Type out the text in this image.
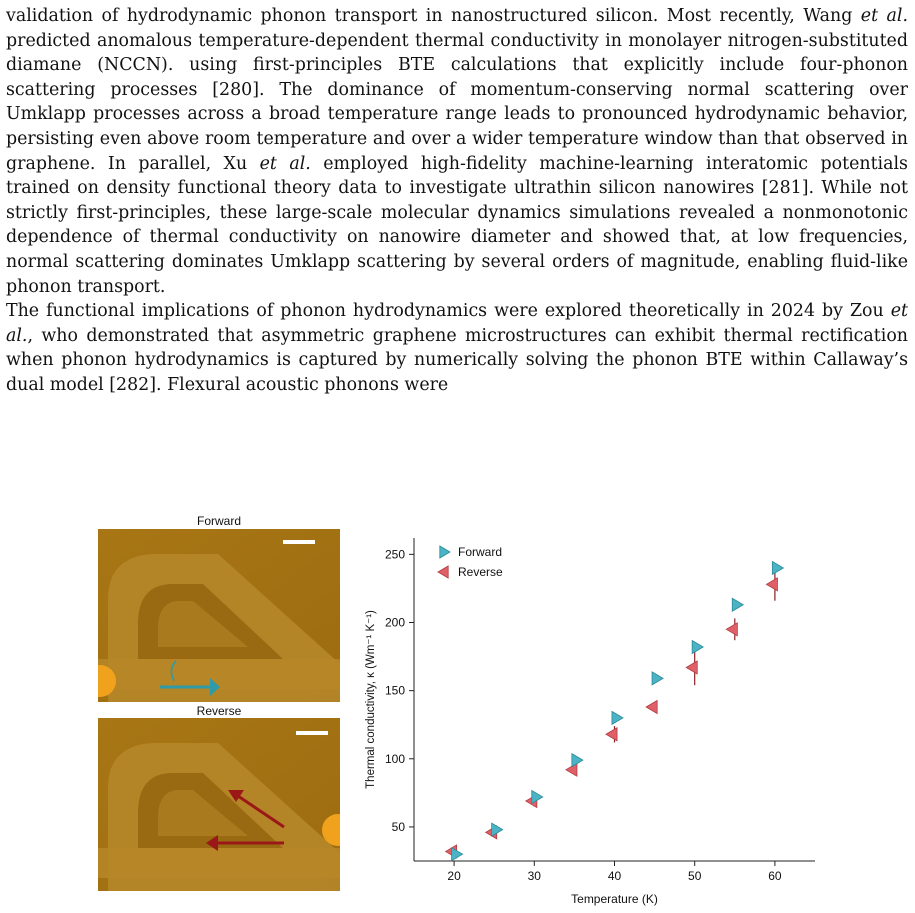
validation of hydrodynamic phonon transport in nanostructured silicon. Most recently, Wang et al. predicted anomalous temperature-dependent thermal conductivity in monolayer nitrogen-substituted diamane (NCCN). using first-principles BTE calculations that explicitly include four-phonon scattering processes [280]. The dominance of momentum-conserving normal scattering over Umklapp processes across a broad temperature range leads to pronounced hydrodynamic behavior, persisting even above room temperature and over a wider temperature window than that observed in graphene. In parallel, Xu et al. employed high-fidelity machine-learning interatomic potentials trained on density functional theory data to investigate ultrathin silicon nanowires [281]. While not strictly first-principles, these large-scale molecular dynamics simulations revealed a nonmonotonic dependence of thermal conductivity on nanowire diameter and showed that, at low frequencies, normal scattering dominates Umklapp scattering by several orders of magnitude, enabling fluid-like phonon transport.

The functional implications of phonon hydrodynamics were explored theoretically in 2024 by Zou et al., who demonstrated that asymmetric graphene microstructures can exhibit thermal rectification when phonon hydrodynamics is captured by numerically solving the phonon BTE within Callaway’s dual model [282]. Flexural acoustic phonons were

Forward
Reverse
20	30	40	50	60
50
100
150
200
250
Temperature (K)
Thermal conductivity, κ (Wm⁻¹ K⁻¹)
Forward
Reverse
